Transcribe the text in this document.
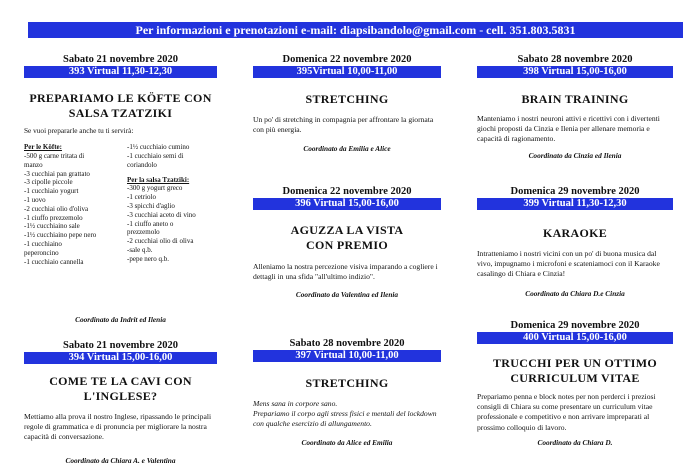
Per informazioni e prenotazioni e-mail: diapsibandolo@gmail.com - cell. 351.803.5831
Sabato 21 novembre 2020
393 Virtual 11,30-12,30
PREPARIAMO LE KÖFTE CON
SALSA TZATZIKI
Se vuoi prepararle anche tu ti servirà:
Per le Köfte:
-500 g carne tritata di
manzo
-3 cucchiai pan grattato
-3 cipolle piccole
-1 cucchiaio yogurt
-1 uovo
-2 cucchiai olio d'oliva
-1 ciuffo prezzemolo
-1½ cucchiaino sale
-1½ cucchiaino pepe nero
-1 cucchiaino
peperoncino
-1 cucchiaio cannella
-1½ cucchiaio cumino
-1 cucchiaio semi di
coriandolo
Per la salsa Tzatziki:
-300 g yogurt greco
-1 cetriolo
-3 spicchi d'aglio
-3 cucchiai aceto di vino
-1 ciuffo aneto o
prezzemolo
-2 cucchiai olio di oliva
-sale q.b.
-pepe nero q.b.
Coordinato da Indrit ed Ilenia
Sabato 21 novembre 2020
394 Virtual 15,00-16,00
COME TE LA CAVI CON
L'INGLESE?
Mettiamo alla prova il nostro Inglese, ripassando le principali regole di grammatica e di pronuncia per migliorare la nostra capacità di conversazione.
Coordinato da Chiara A. e Valentina
Domenica 22 novembre 2020
395Virtual 10,00-11,00
STRETCHING
Un po' di stretching in compagnia per affrontare la giornata con più energia.
Coordinato da Emilia e Alice
Domenica 22 novembre 2020
396 Virtual 15,00-16,00
AGUZZA LA VISTA
CON PREMIO
Alleniamo la nostra percezione visiva imparando a cogliere i dettagli in una sfida "all'ultimo indizio".
Coordinato da Valentina ed Ilenia
Sabato 28 novembre 2020
397 Virtual 10,00-11,00
STRETCHING
Mens sana in corpore sano.
Prepariamo il corpo agli stress fisici e mentali del lockdown con qualche esercizio di allungamento.
Coordinato da Alice ed Emilia
Sabato 28 novembre 2020
398 Virtual 15,00-16,00
BRAIN TRAINING
Manteniamo i nostri neuroni attivi e ricettivi con i divertenti giochi proposti da Cinzia e Ilenia per allenare memoria e capacità di ragionamento.
Coordinato da Cinzia ed Ilenia
Domenica 29 novembre 2020
399 Virtual 11,30-12,30
KARAOKE
Intratteniamo i nostri vicini con un po' di buona musica dal vivo, impugnamo i microfoni e scateniamoci con il Karaoke casalingo di Chiara e Cinzia!
Coordinato da Chiara D.e Cinzia
Domenica 29 novembre 2020
400 Virtual 15,00-16,00
TRUCCHI PER UN OTTIMO
CURRICULUM VITAE
Prepariamo penna e block notes per non perderci i preziosi consigli di Chiara su come presentare un curriculum vitae professionale e competitivo e non arrivare impreparati al prossimo colloquio di lavoro.
Coordinato da Chiara D.
